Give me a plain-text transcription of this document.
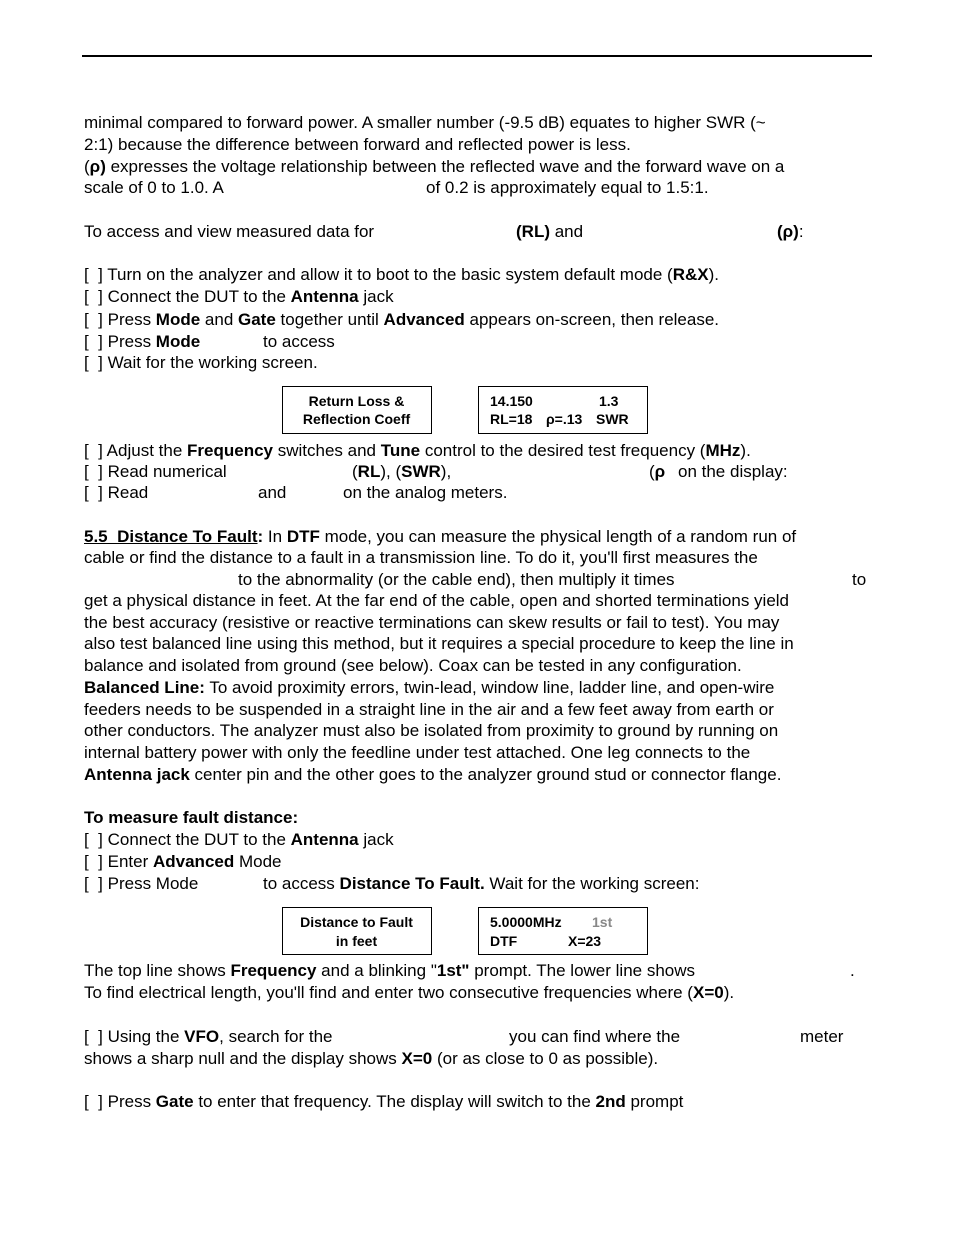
minimal compared to forward power. A smaller number (-9.5 dB) equates to higher SWR (~
2:1) because the difference between forward and reflected power is less.
(ρ) expresses the voltage relationship between the reflected wave and the forward wave on a
scale of 0 to 1.0. A	of 0.2 is approximately equal to 1.5:1.
To access and view measured data for	(RL) and	(ρ):
[  ] Turn on the analyzer and allow it to boot to the basic system default mode (R&X).
[  ] Connect the DUT to the Antenna jack
[  ] Press Mode and Gate together until Advanced appears on-screen, then release.
[  ] Press Mode	to access
[  ] Wait for the working screen.
Return Loss &
Reflection Coeff
14.150	1.3
RL=18 ρ=.13 SWR
[  ] Adjust the Frequency switches and Tune control to the desired test frequency (MHz).
[  ] Read numerical	(RL), (SWR),	(ρ on the display:
[  ] Read	and	on the analog meters.
5.5  Distance To Fault: In DTF mode, you can measure the physical length of a random run of
cable or find the distance to a fault in a transmission line. To do it, you'll first measures the
to the abnormality (or the cable end), then multiply it times	to
get a physical distance in feet. At the far end of the cable, open and shorted terminations yield
the best accuracy (resistive or reactive terminations can skew results or fail to test). You may
also test balanced line using this method, but it requires a special procedure to keep the line in
balance and isolated from ground (see below). Coax can be tested in any configuration.
Balanced Line: To avoid proximity errors, twin-lead, window line, ladder line, and open-wire
feeders needs to be suspended in a straight line in the air and a few feet away from earth or
other conductors. The analyzer must also be isolated from proximity to ground by running on
internal battery power with only the feedline under test attached. One leg connects to the
Antenna jack center pin and the other goes to the analyzer ground stud or connector flange.
To measure fault distance:
[  ] Connect the DUT to the Antenna jack
[  ] Enter Advanced Mode
[  ] Press Mode	to access Distance To Fault. Wait for the working screen:
Distance to Fault
in feet
5.0000MHz 1st
DTF	X=23
The top line shows Frequency and a blinking "1st" prompt. The lower line shows	.
To find electrical length, you'll find and enter two consecutive frequencies where (X=0).
[  ] Using the VFO, search for the	you can find where the	meter
shows a sharp null and the display shows X=0 (or as close to 0 as possible).
[  ] Press Gate to enter that frequency. The display will switch to the 2nd prompt
